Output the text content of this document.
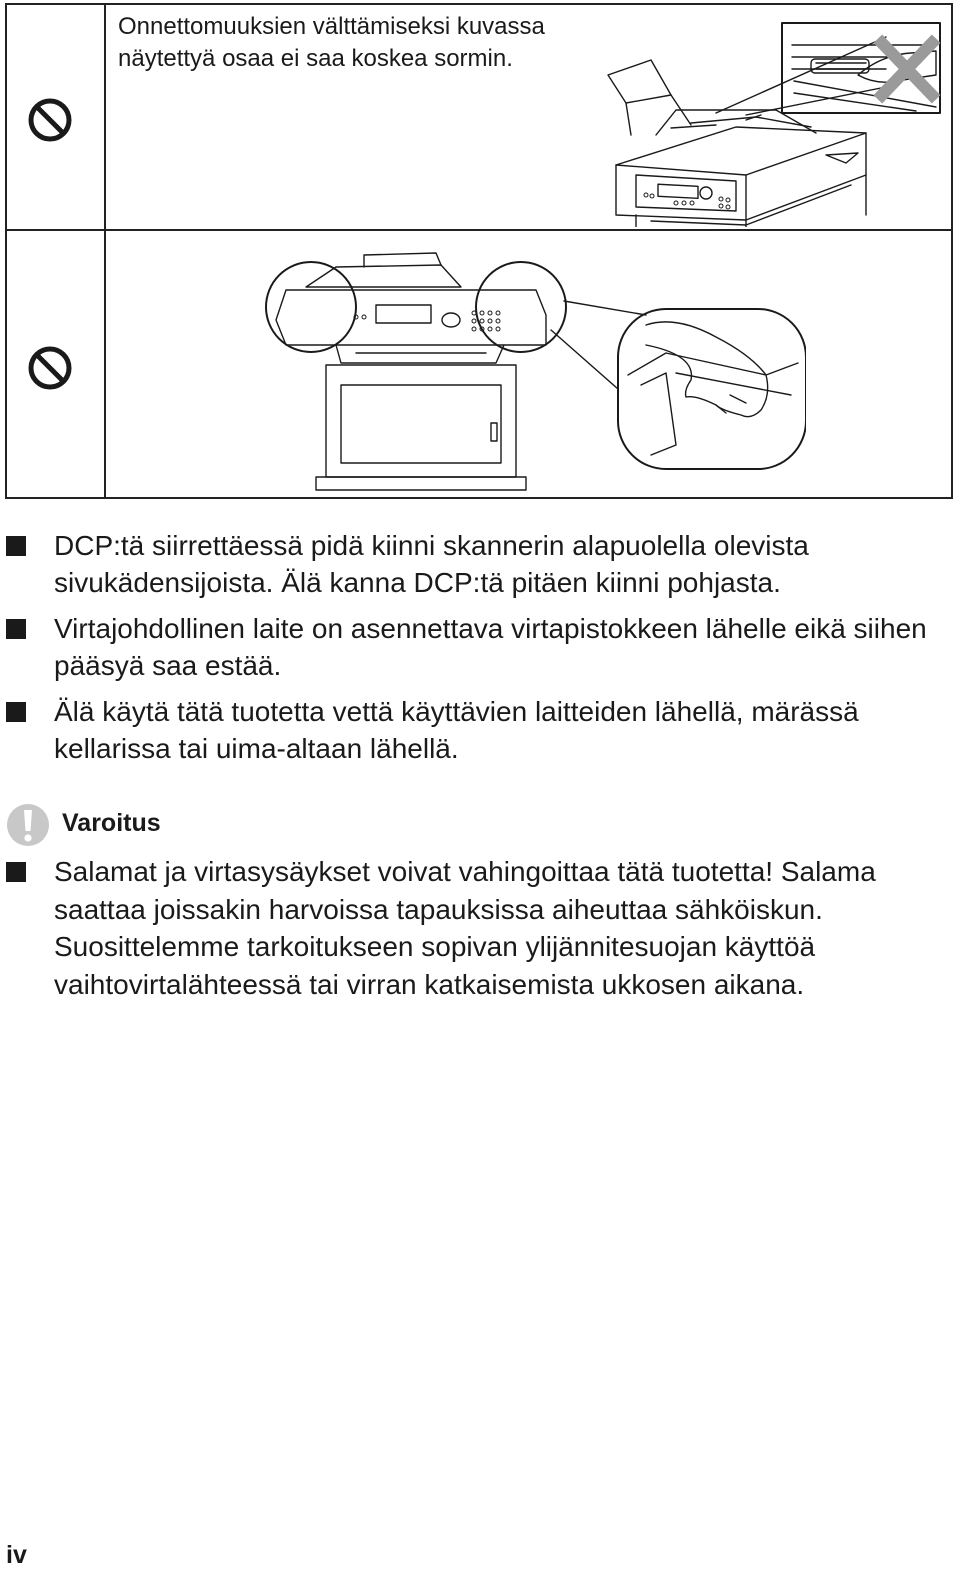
Onnettomuuksien välttämiseksi kuvassa näytettyä osaa ei saa koskea sormin.
DCP:tä siirrettäessä pidä kiinni skannerin alapuolella olevista sivukädensijoista. Älä kanna DCP:tä pitäen kiinni pohjasta.
Virtajohdollinen laite on asennettava virtapistokkeen lähelle eikä siihen pääsyä saa estää.
Älä käytä tätä tuotetta vettä käyttävien laitteiden lähellä, märässä kellarissa tai uima-altaan lähellä.
Varoitus
Salamat ja virtasysäykset voivat vahingoittaa tätä tuotetta! Salama saattaa joissakin harvoissa tapauksissa aiheuttaa sähköiskun. Suosittelemme tarkoitukseen sopivan ylijännitesuojan käyttöä vaihtovirtalähteessä tai virran katkaisemista ukkosen aikana.
iv
